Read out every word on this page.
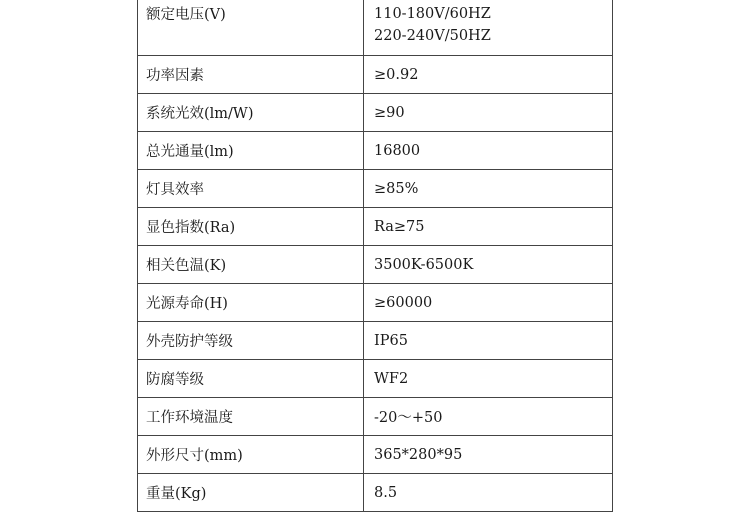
额定电压(V)	110-180V/60HZ
220-240V/50HZ

功率因素	≥0.92
系统光效(lm/W)	≥90
总光通量(lm)	16800
灯具效率	≥85%
显色指数(Ra)	Ra≥75
相关色温(K)	3500K-6500K
光源寿命(H)	≥60000
外壳防护等级	IP65
防腐等级	WF2
工作环境温度	-20～+50
外形尺寸(mm)	365*280*95
重量(Kg)	8.5
